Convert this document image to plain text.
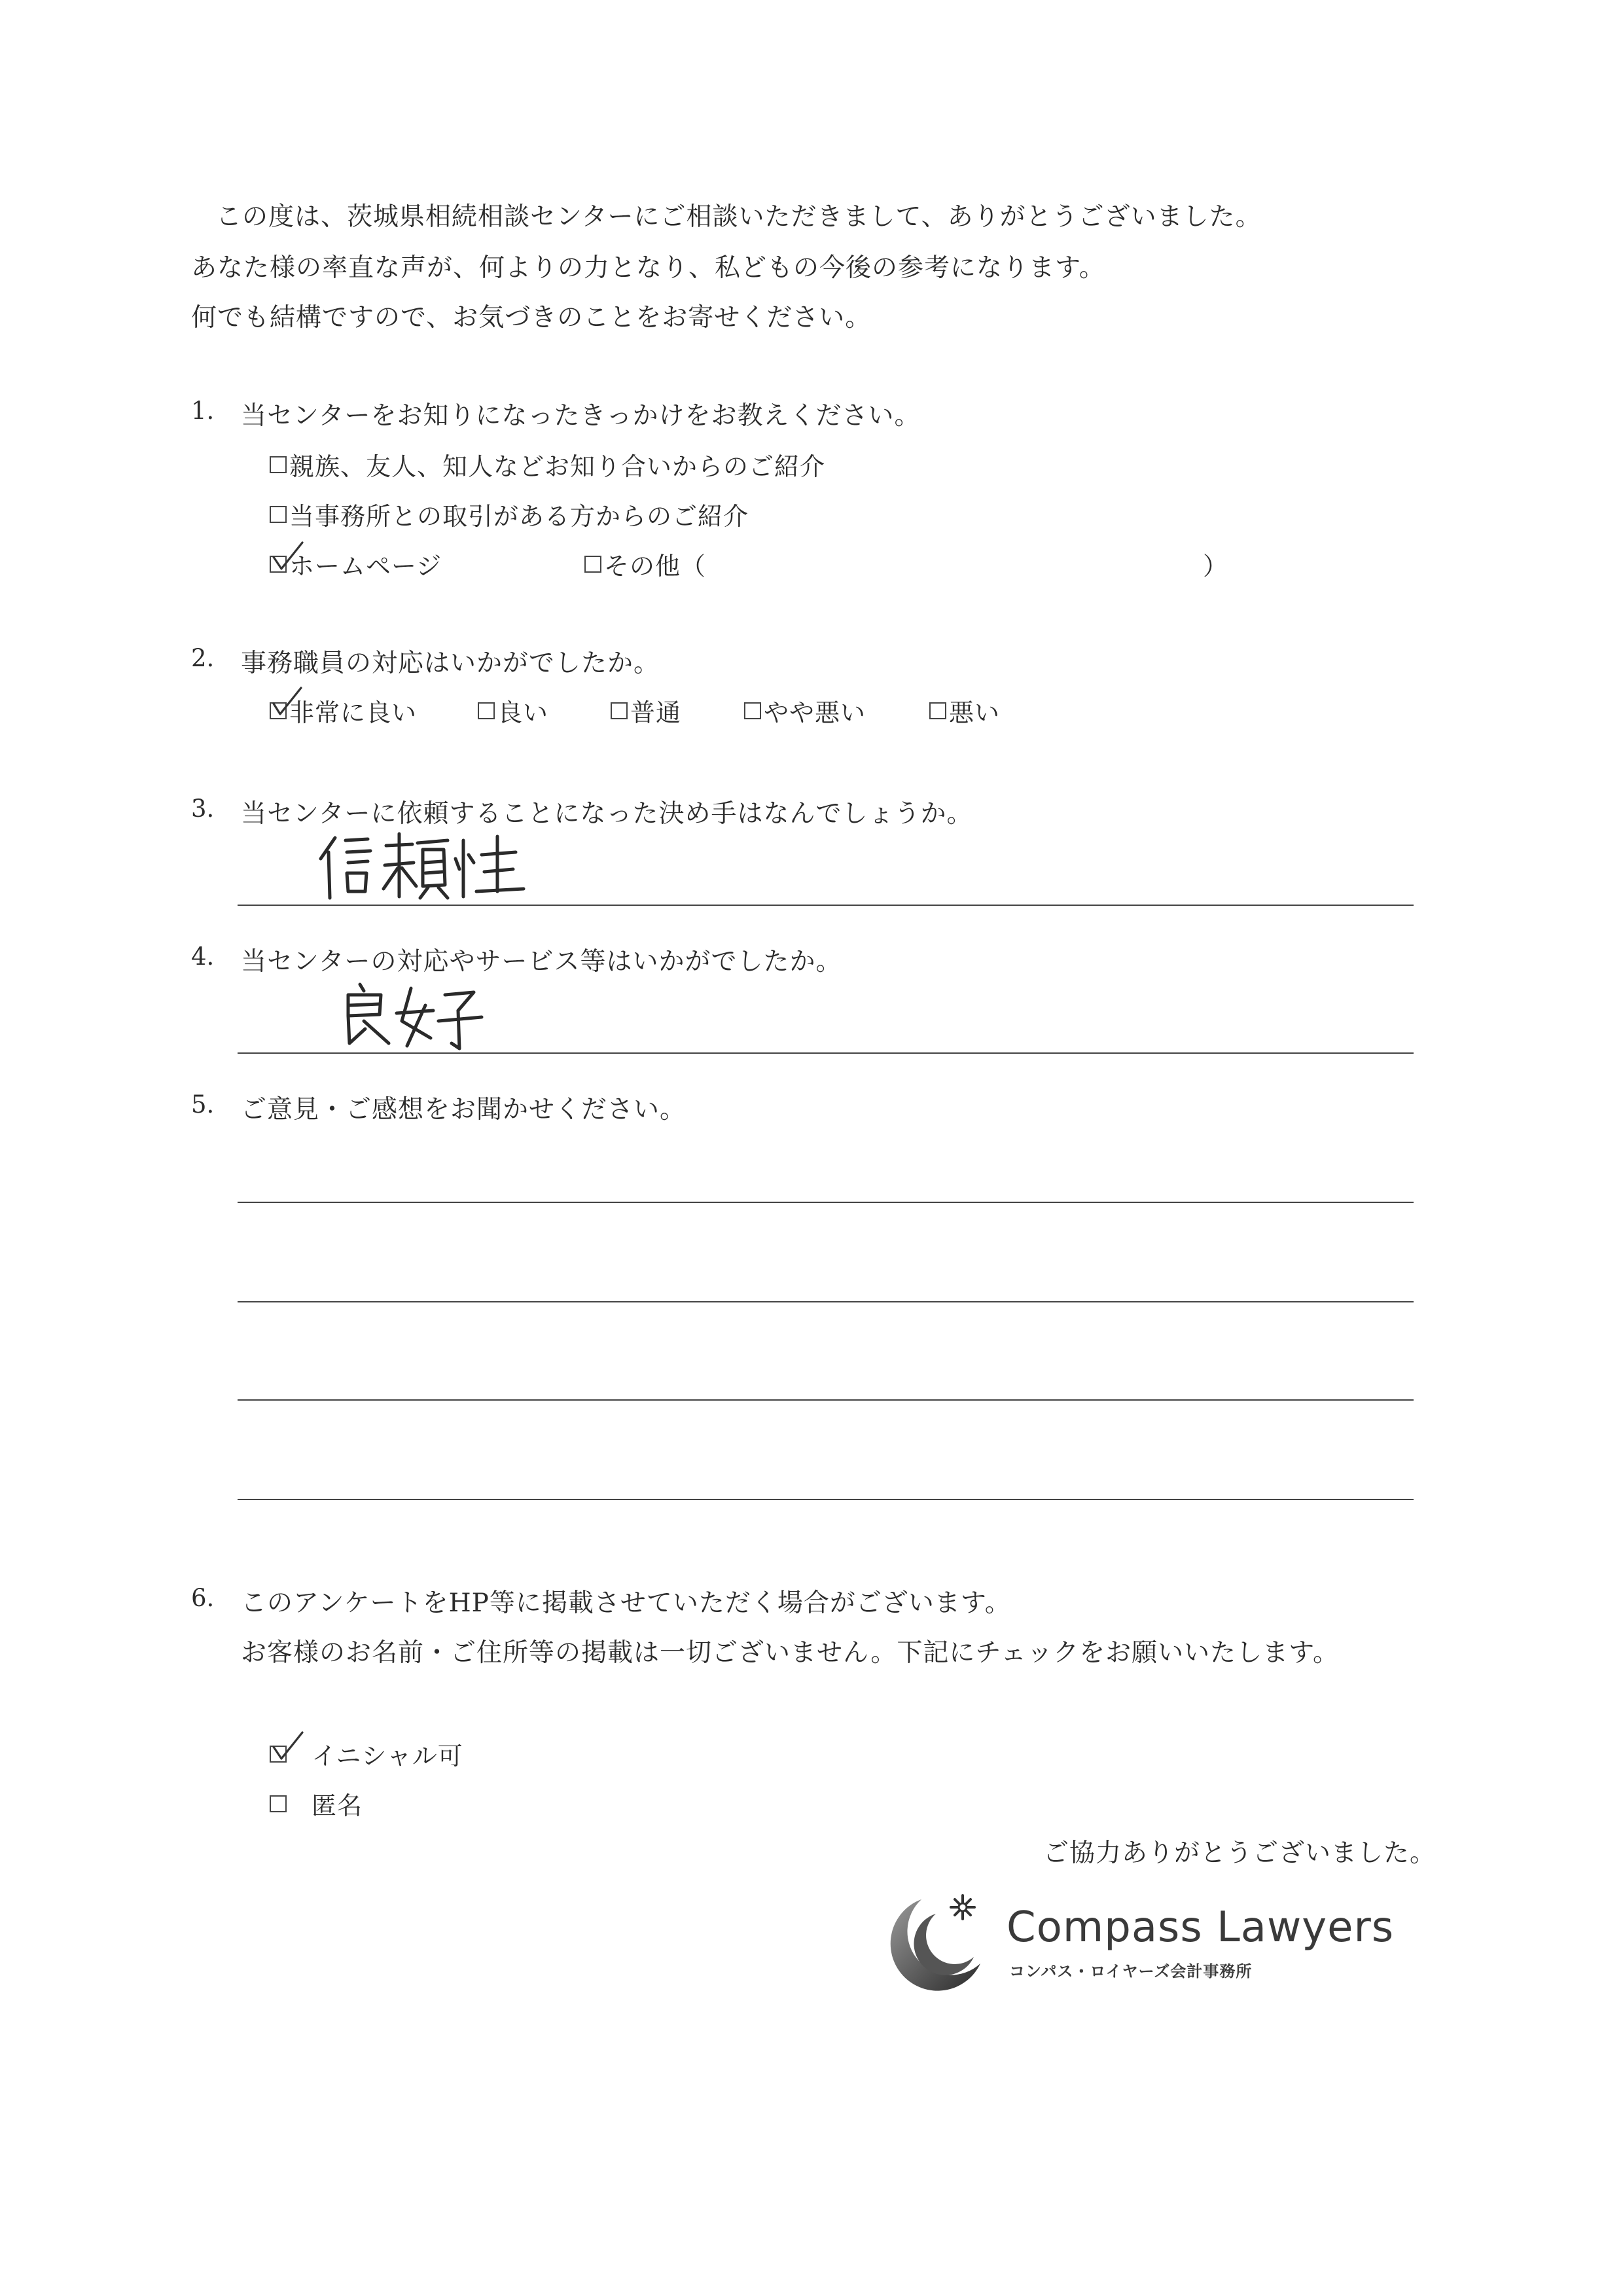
この度は、茨城県相続相談センターにご相談いただきまして、ありがとうございました。
あなた様の率直な声が、何よりの力となり、私どもの今後の参考になります。
何でも結構ですので、お気づきのことをお寄せください。
1. 当センターをお知りになったきっかけをお教えください。
親族、友人、知人などお知り合いからのご紹介
当事務所との取引がある方からのご紹介
ホームページ	その他（	）
2. 事務職員の対応はいかがでしたか。
非常に良い	良い	普通	やや悪い	悪い
3. 当センターに依頼することになった決め手はなんでしょうか。
4. 当センターの対応やサービス等はいかがでしたか。
5. ご意見・ご感想をお聞かせください。
6. このアンケートをHP等に掲載させていただく場合がございます。
お客様のお名前・ご住所等の掲載は一切ございません。下記にチェックをお願いいたします。
イニシャル可
匿名
ご協力ありがとうございました。
Compass Lawyers
コンパス・ロイヤーズ会計事務所
